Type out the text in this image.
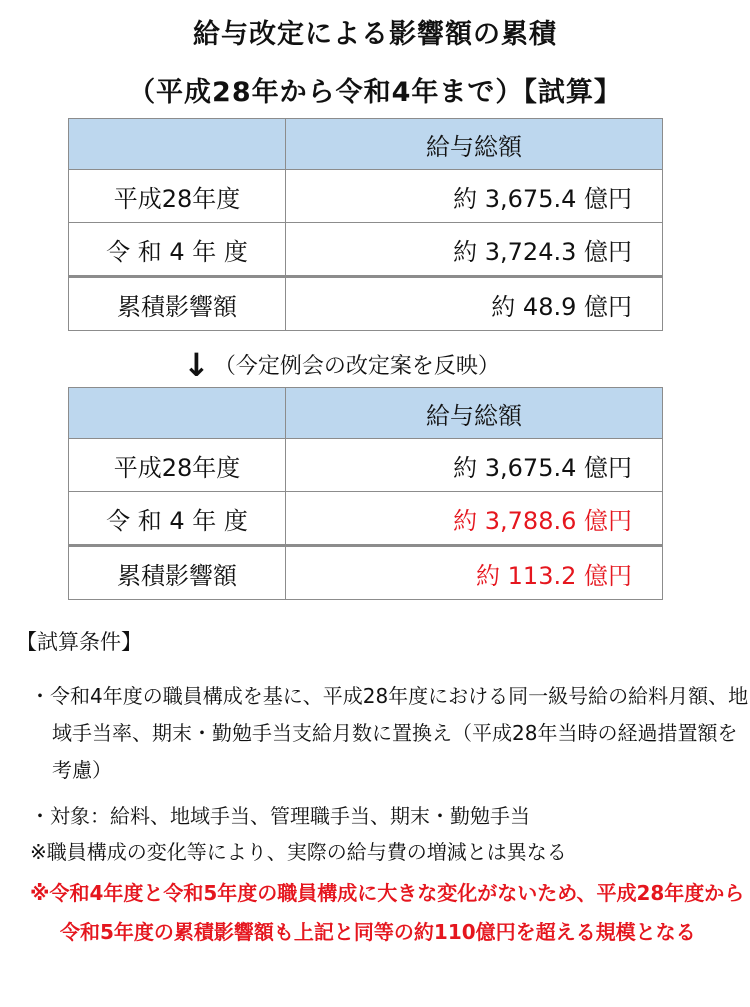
給与改定による影響額の累積
（平成28年から令和4年まで）【試算】
	給与総額
平成28年度	約 3,675.4 億円
令 和 4 年 度	約 3,724.3 億円
累積影響額	約 48.9 億円
↓ （今定例会の改定案を反映）
	給与総額
平成28年度	約 3,675.4 億円
令 和 4 年 度	約 3,788.6 億円
累積影響額	約 113.2 億円
【試算条件】
・令和4年度の職員構成を基に、平成28年度における同一級号給の給料月額、地域手当率、期末・勤勉手当支給月数に置換え（平成28年当時の経過措置額を考慮）
・対象：給料、地域手当、管理職手当、期末・勤勉手当
※職員構成の変化等により、実際の給与費の増減とは異なる
※令和4年度と令和5年度の職員構成に大きな変化がないため、平成28年度から令和5年度の累積影響額も上記と同等の約110億円を超える規模となる
